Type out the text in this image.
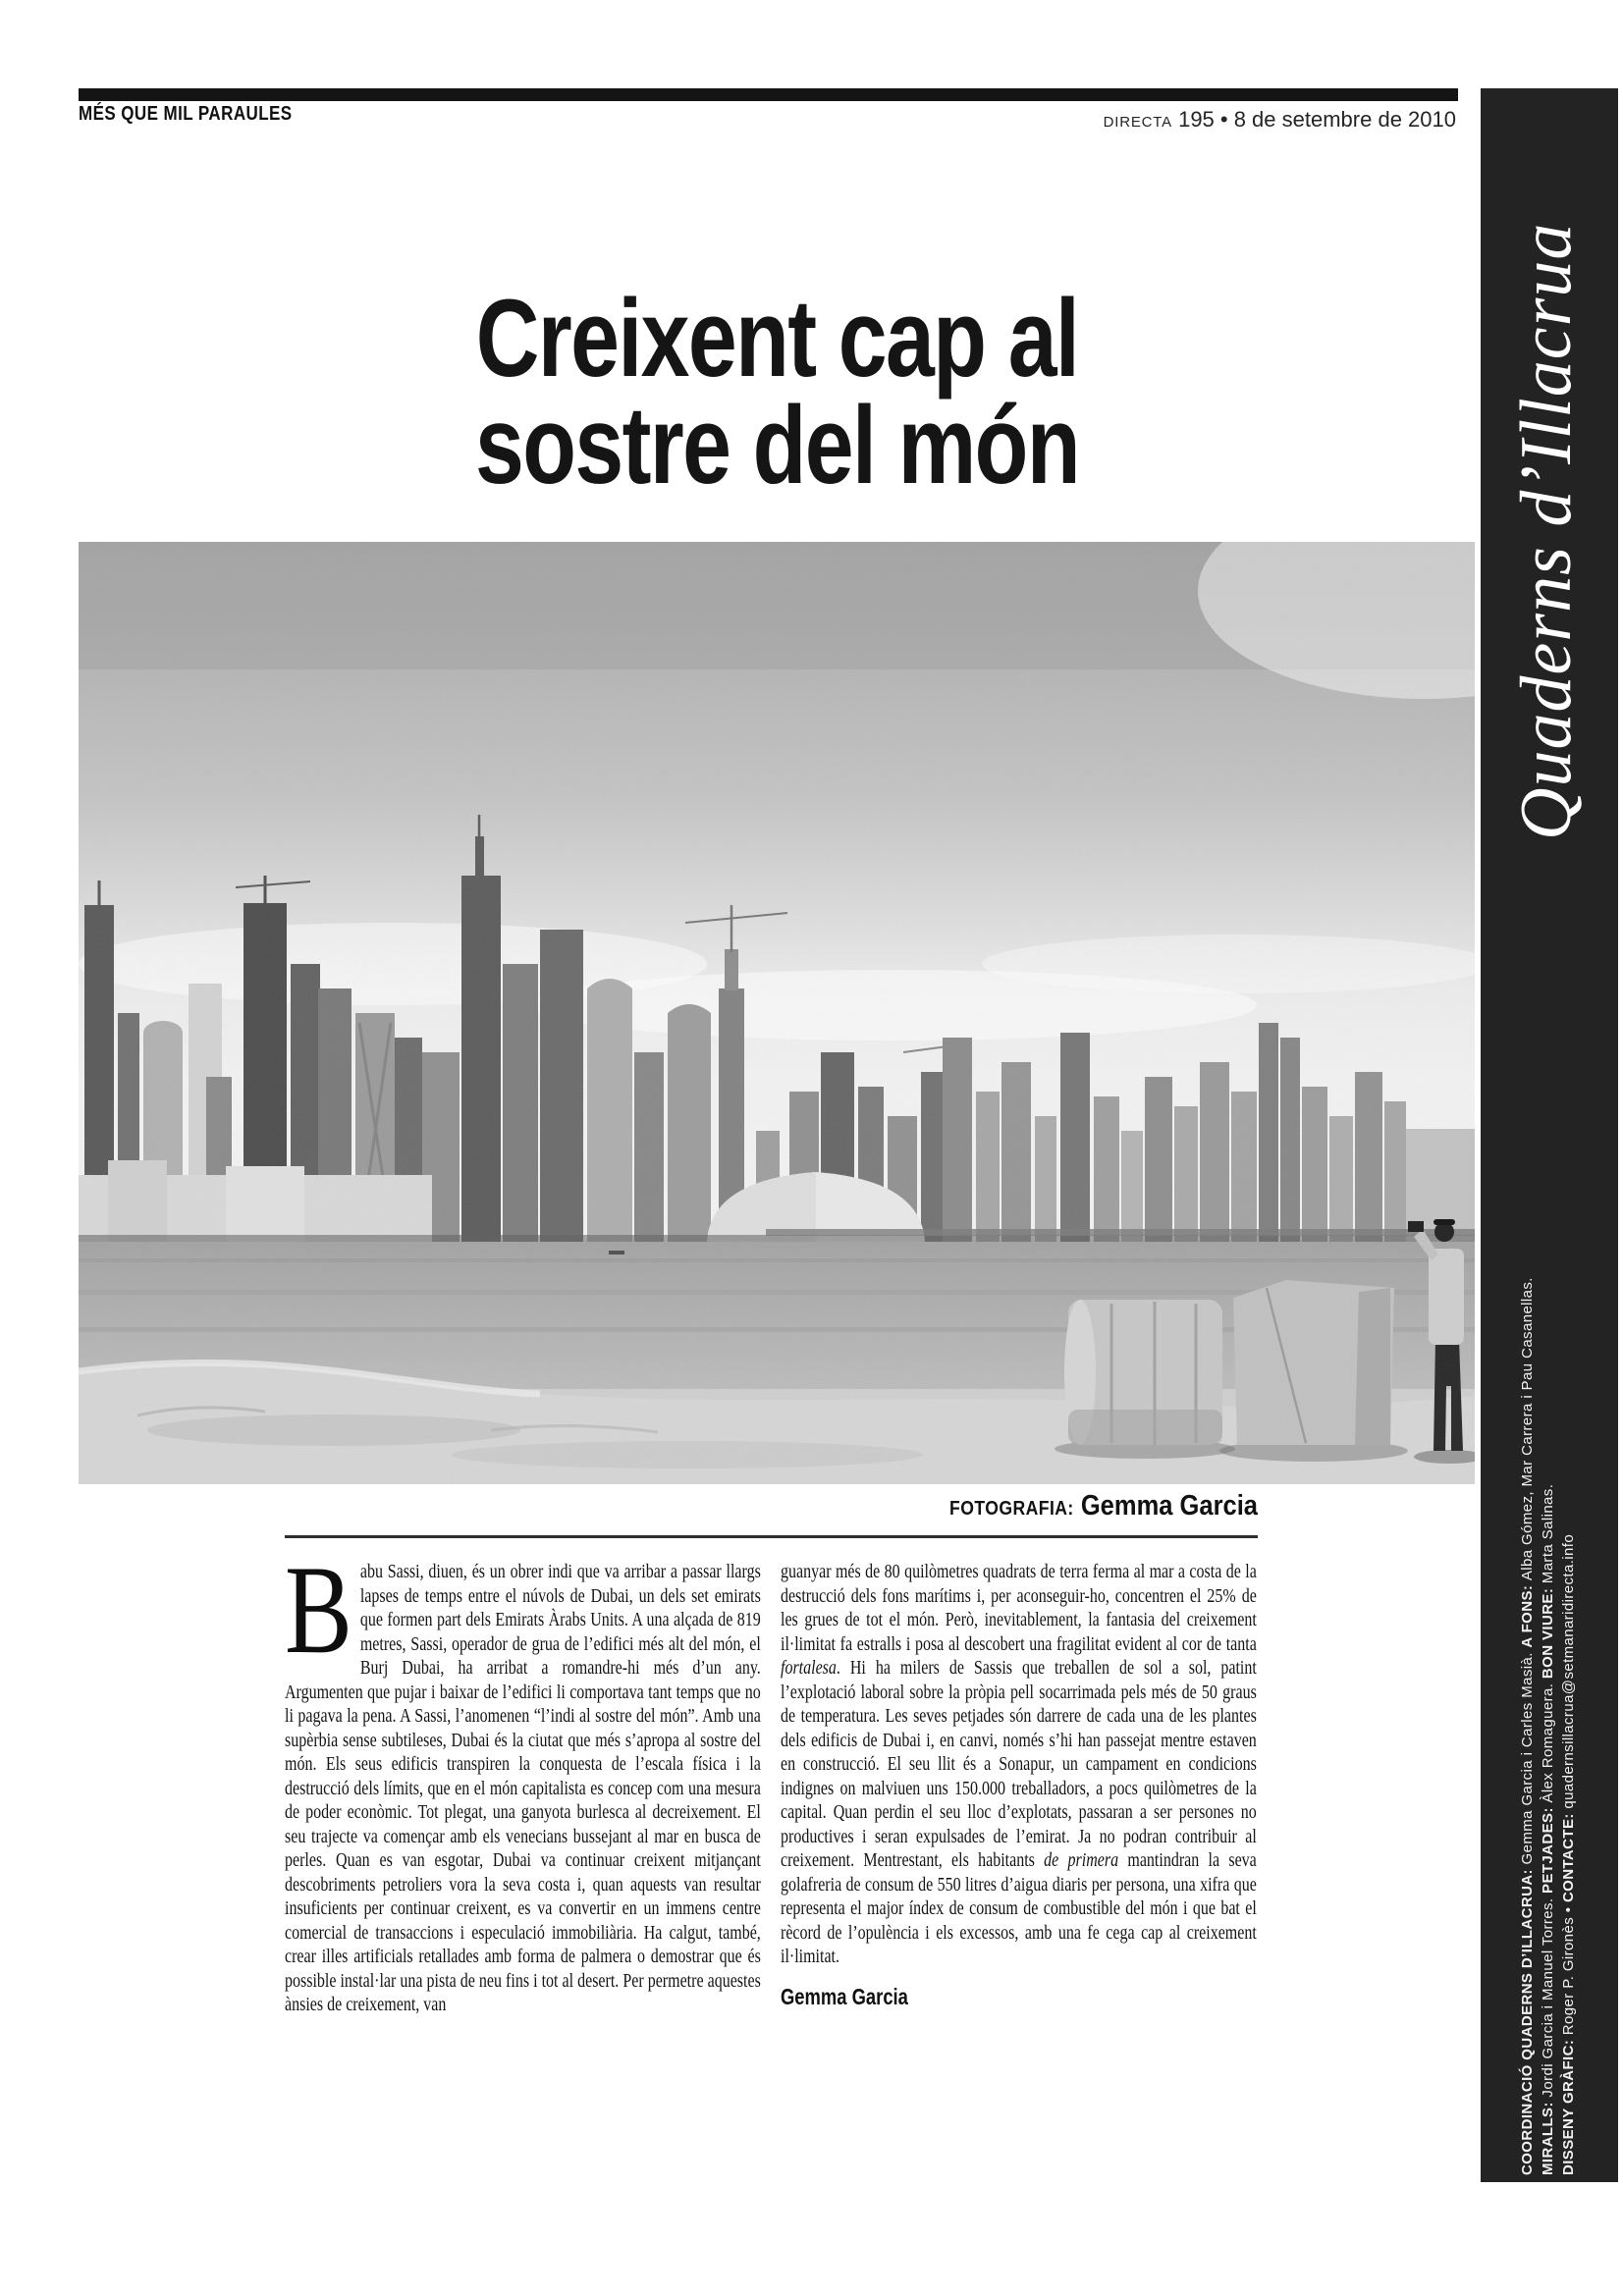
MÉS QUE MIL PARAULES	DIRECTA 195 • 8 de setembre de 2010
Creixent cap al
sostre del món
FOTOGRAFIA: Gemma Garcia
Babu Sassi, diuen, és un obrer indi que va arribar a passar llargs lapses de temps entre el núvols de Dubai, un dels set emirats que formen part dels Emirats Àrabs Units. A una alçada de 819 metres, Sassi, operador de grua de l’edifici més alt del món, el Burj Dubai, ha arribat a romandre-hi més d’un any. Argumenten que pujar i baixar de l’edifici li comportava tant temps que no li pagava la pena. A Sassi, l’anomenen “l’indi al sostre del món”. Amb una supèrbia sense subtileses, Dubai és la ciutat que més s’apropa al sostre del món. Els seus edificis transpiren la conquesta de l’escala física i la destrucció dels límits, que en el món capitalista es concep com una mesura de poder econòmic. Tot plegat, una ganyota burlesca al decreixement. El seu trajecte va començar amb els venecians bussejant al mar en busca de perles. Quan es van esgotar, Dubai va continuar creixent mitjançant descobriments petroliers vora la seva costa i, quan aquests van resultar insuficients per continuar creixent, es va convertir en un immens centre comercial de transaccions i especulació immobiliària. Ha calgut, també, crear illes artificials retallades amb forma de palmera o demostrar que és possible instal·lar una pista de neu fins i tot al desert. Per permetre aquestes ànsies de creixement, van
guanyar més de 80 quilòmetres quadrats de terra ferma al mar a costa de la destrucció dels fons marítims i, per aconseguir-ho, concentren el 25% de les grues de tot el món. Però, inevitablement, la fantasia del creixement il·limitat fa estralls i posa al descobert una fragilitat evident al cor de tanta fortalesa. Hi ha milers de Sassis que treballen de sol a sol, patint l’explotació laboral sobre la pròpia pell socarrimada pels més de 50 graus de temperatura. Les seves petjades són darrere de cada una de les plantes dels edificis de Dubai i, en canvi, només s’hi han passejat mentre estaven en construcció. El seu llit és a Sonapur, un campament en condicions indignes on malviuen uns 150.000 treballadors, a pocs quilòmetres de la capital. Quan perdin el seu lloc d’explotats, passaran a ser persones no productives i seran expulsades de l’emirat. Ja no podran contribuir al creixement. Mentrestant, els habitants de primera mantindran la seva golafreria de consum de 550 litres d’aigua diaris per persona, una xifra que representa el major índex de consum de combustible del món i que bat el rècord de l’opulència i els excessos, amb una fe cega cap al creixement il·limitat.
Gemma Garcia
Quaderns d’Illacrua
COORDINACIÓ QUADERNS D’ILLACRUA: Gemma Garcia i Carles Masià. A FONS: Alba Gómez, Mar Carrera i Pau Casanellas.
MIRALLS: Jordi Garcia i Manuel Torres. PETJADES: Àlex Romaguera. BON VIURE: Marta Salinas.
DISSENY GRÀFIC: Roger P. Gironès • CONTACTE: quadernsillacrua@setmanaridirecta.info
